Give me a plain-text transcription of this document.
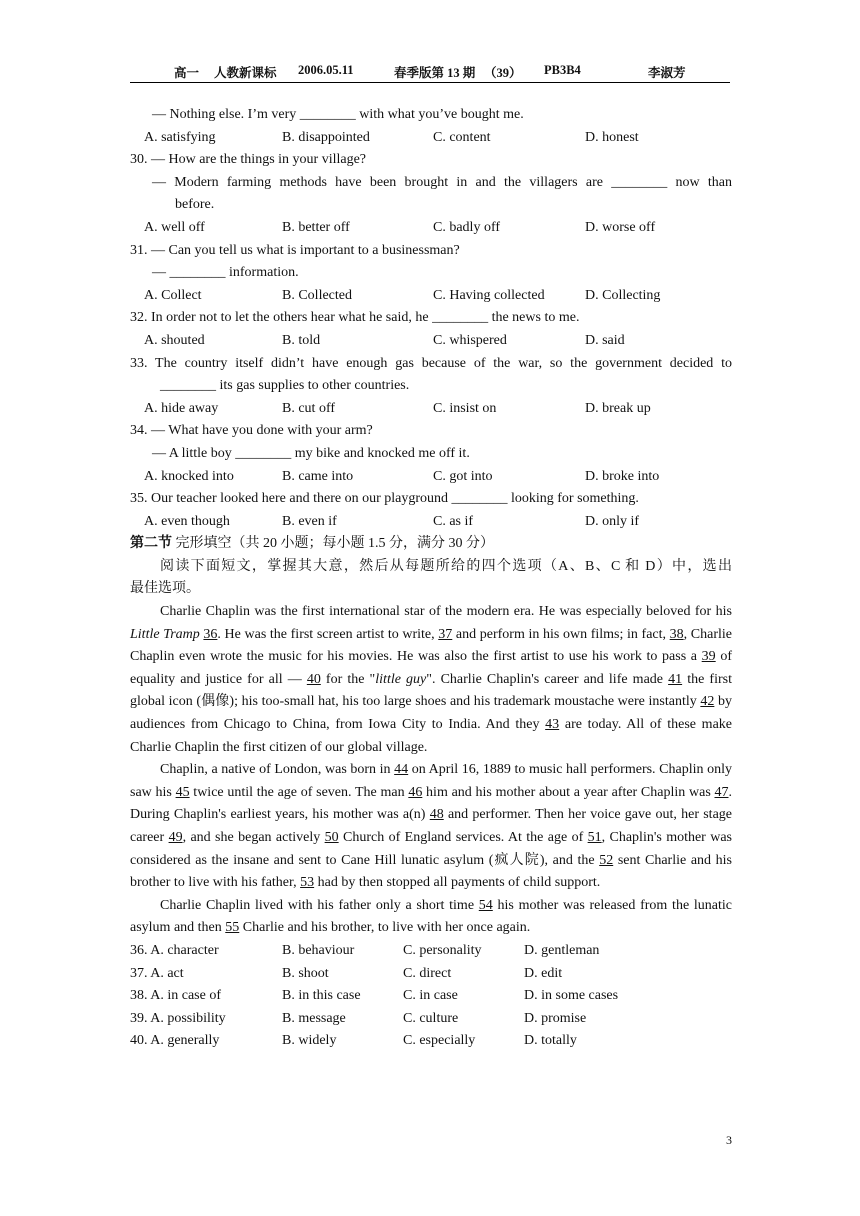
高一 人教新课标 2006.05.11	春季版第 13 期 （39） PB3B4	李淑芳
— Nothing else. I’m very ________ with what you’ve bought me.
A. satisfying	B. disappointed	C. content	D. honest
30. — How are the things in your village?
— Modern farming methods have been brought in and the villagers are ________ now than
before.
A. well off	B. better off	C. badly off	D. worse off
31. — Can you tell us what is important to a businessman?
— ________ information.
A. Collect	B. Collected	C. Having collected	D. Collecting
32. In order not to let the others hear what he said, he ________ the news to me.
A. shouted	B. told	C. whispered	D. said
33. The country itself didn’t have enough gas because of the war, so the government decided to
________ its gas supplies to other countries.
A. hide away	B. cut off	C. insist on	D. break up
34. — What have you done with your arm?
— A little boy ________ my bike and knocked me off it.
A. knocked into	B. came into	C. got into	D. broke into
35. Our teacher looked here and there on our playground ________ looking for something.
A. even though	B. even if	C. as if	D. only if
第二节 完形填空（共 20 小题；每小题 1.5 分，满分 30 分）
阅读下面短文，掌握其大意，然后从每题所给的四个选项（A、B、C 和 D）中，选出
最佳选项。

Charlie Chaplin was the first international star of the modern era. He was especially beloved for his Little Tramp 36. He was the first screen artist to write, 37 and perform in his own films; in fact, 38, Charlie Chaplin even wrote the music for his movies. He was also the first artist to use his work to pass a 39 of equality and justice for all — 40 for the "little guy". Charlie Chaplin's career and life made 41 the first global icon (偶像); his too-small hat, his too large shoes and his trademark moustache were instantly 42 by audiences from Chicago to China, from Iowa City to India. And they 43 are today. All of these make Charlie Chaplin the first citizen of our global village.

Chaplin, a native of London, was born in 44 on April 16, 1889 to music hall performers. Chaplin only saw his 45 twice until the age of seven. The man 46 him and his mother about a year after Chaplin was 47. During Chaplin's earliest years, his mother was a(n) 48 and performer. Then her voice gave out, her stage career 49, and she began actively 50 Church of England services. At the age of 51, Chaplin's mother was considered as the insane and sent to Cane Hill lunatic asylum (疯人院), and the 52 sent Charlie and his brother to live with his father, 53 had by then stopped all payments of child support.

Charlie Chaplin lived with his father only a short time 54 his mother was released from the lunatic asylum and then 55 Charlie and his brother, to live with her once again.

36. A. character	B. behaviour	C. personality	D. gentleman
37. A. act	B. shoot	C. direct	D. edit
38. A. in case of	B. in this case	C. in case	D. in some cases
39. A. possibility	B. message	C. culture	D. promise
40. A. generally	B. widely	C. especially	D. totally
3
